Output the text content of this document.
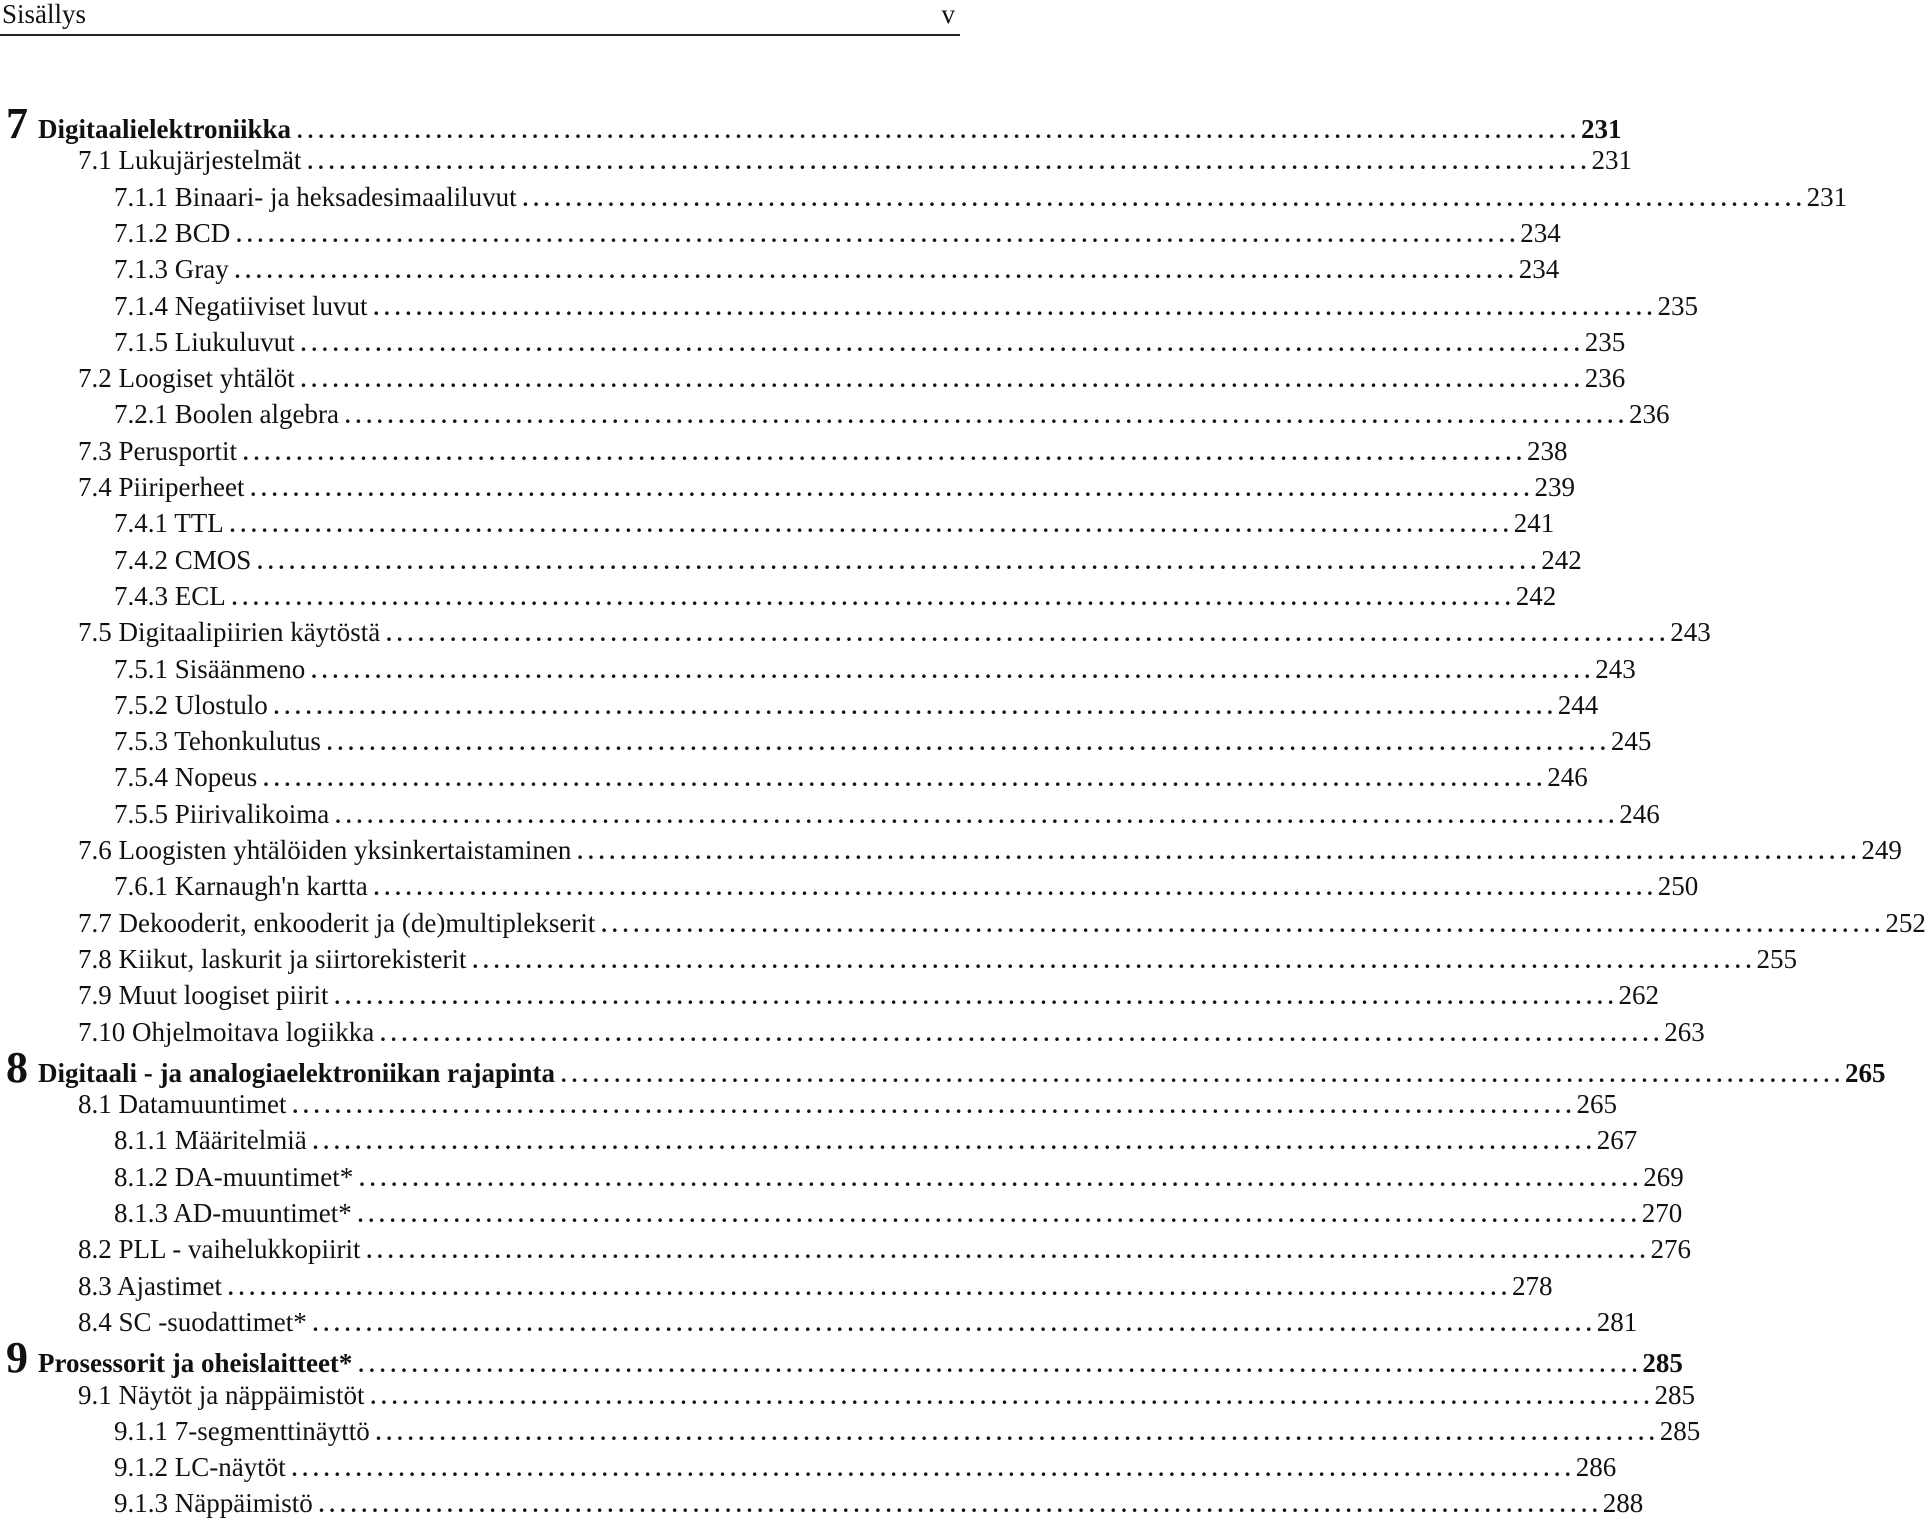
Sisällys	v
7 Digitaalielektroniikka ........................................................................................................................ 231
7.1 Lukujärjestelmät ........................................................................................................................ 231
7.1.1 Binaari- ja heksadesimaaliluvut ........................................................................................................................ 231
7.1.2 BCD ........................................................................................................................ 234
7.1.3 Gray ........................................................................................................................ 234
7.1.4 Negatiiviset luvut ........................................................................................................................ 235
7.1.5 Liukuluvut ........................................................................................................................ 235
7.2 Loogiset yhtälöt ........................................................................................................................ 236
7.2.1 Boolen algebra ........................................................................................................................ 236
7.3 Perusportit ........................................................................................................................ 238
7.4 Piiriperheet ........................................................................................................................ 239
7.4.1 TTL ........................................................................................................................ 241
7.4.2 CMOS ........................................................................................................................ 242
7.4.3 ECL ........................................................................................................................ 242
7.5 Digitaalipiirien käytöstä ........................................................................................................................ 243
7.5.1 Sisäänmeno ........................................................................................................................ 243
7.5.2 Ulostulo ........................................................................................................................ 244
7.5.3 Tehonkulutus ........................................................................................................................ 245
7.5.4 Nopeus ........................................................................................................................ 246
7.5.5 Piirivalikoima ........................................................................................................................ 246
7.6 Loogisten yhtälöiden yksinkertaistaminen ........................................................................................................................ 249
7.6.1 Karnaugh'n kartta ........................................................................................................................ 250
7.7 Dekooderit, enkooderit ja (de)multiplekserit ........................................................................................................................ 252
7.8 Kiikut, laskurit ja siirtorekisterit ........................................................................................................................ 255
7.9 Muut loogiset piirit ........................................................................................................................ 262
7.10 Ohjelmoitava logiikka ........................................................................................................................ 263
8 Digitaali - ja analogiaelektroniikan rajapinta ........................................................................................................................ 265
8.1 Datamuuntimet ........................................................................................................................ 265
8.1.1 Määritelmiä ........................................................................................................................ 267
8.1.2 DA-muuntimet* ........................................................................................................................ 269
8.1.3 AD-muuntimet* ........................................................................................................................ 270
8.2 PLL - vaihelukkopiirit ........................................................................................................................ 276
8.3 Ajastimet ........................................................................................................................ 278
8.4 SC -suodattimet* ........................................................................................................................ 281
9 Prosessorit ja oheislaitteet* ........................................................................................................................ 285
9.1 Näytöt ja näppäimistöt ........................................................................................................................ 285
9.1.1 7-segmenttinäyttö ........................................................................................................................ 285
9.1.2 LC-näytöt ........................................................................................................................ 286
9.1.3 Näppäimistö ........................................................................................................................ 288
